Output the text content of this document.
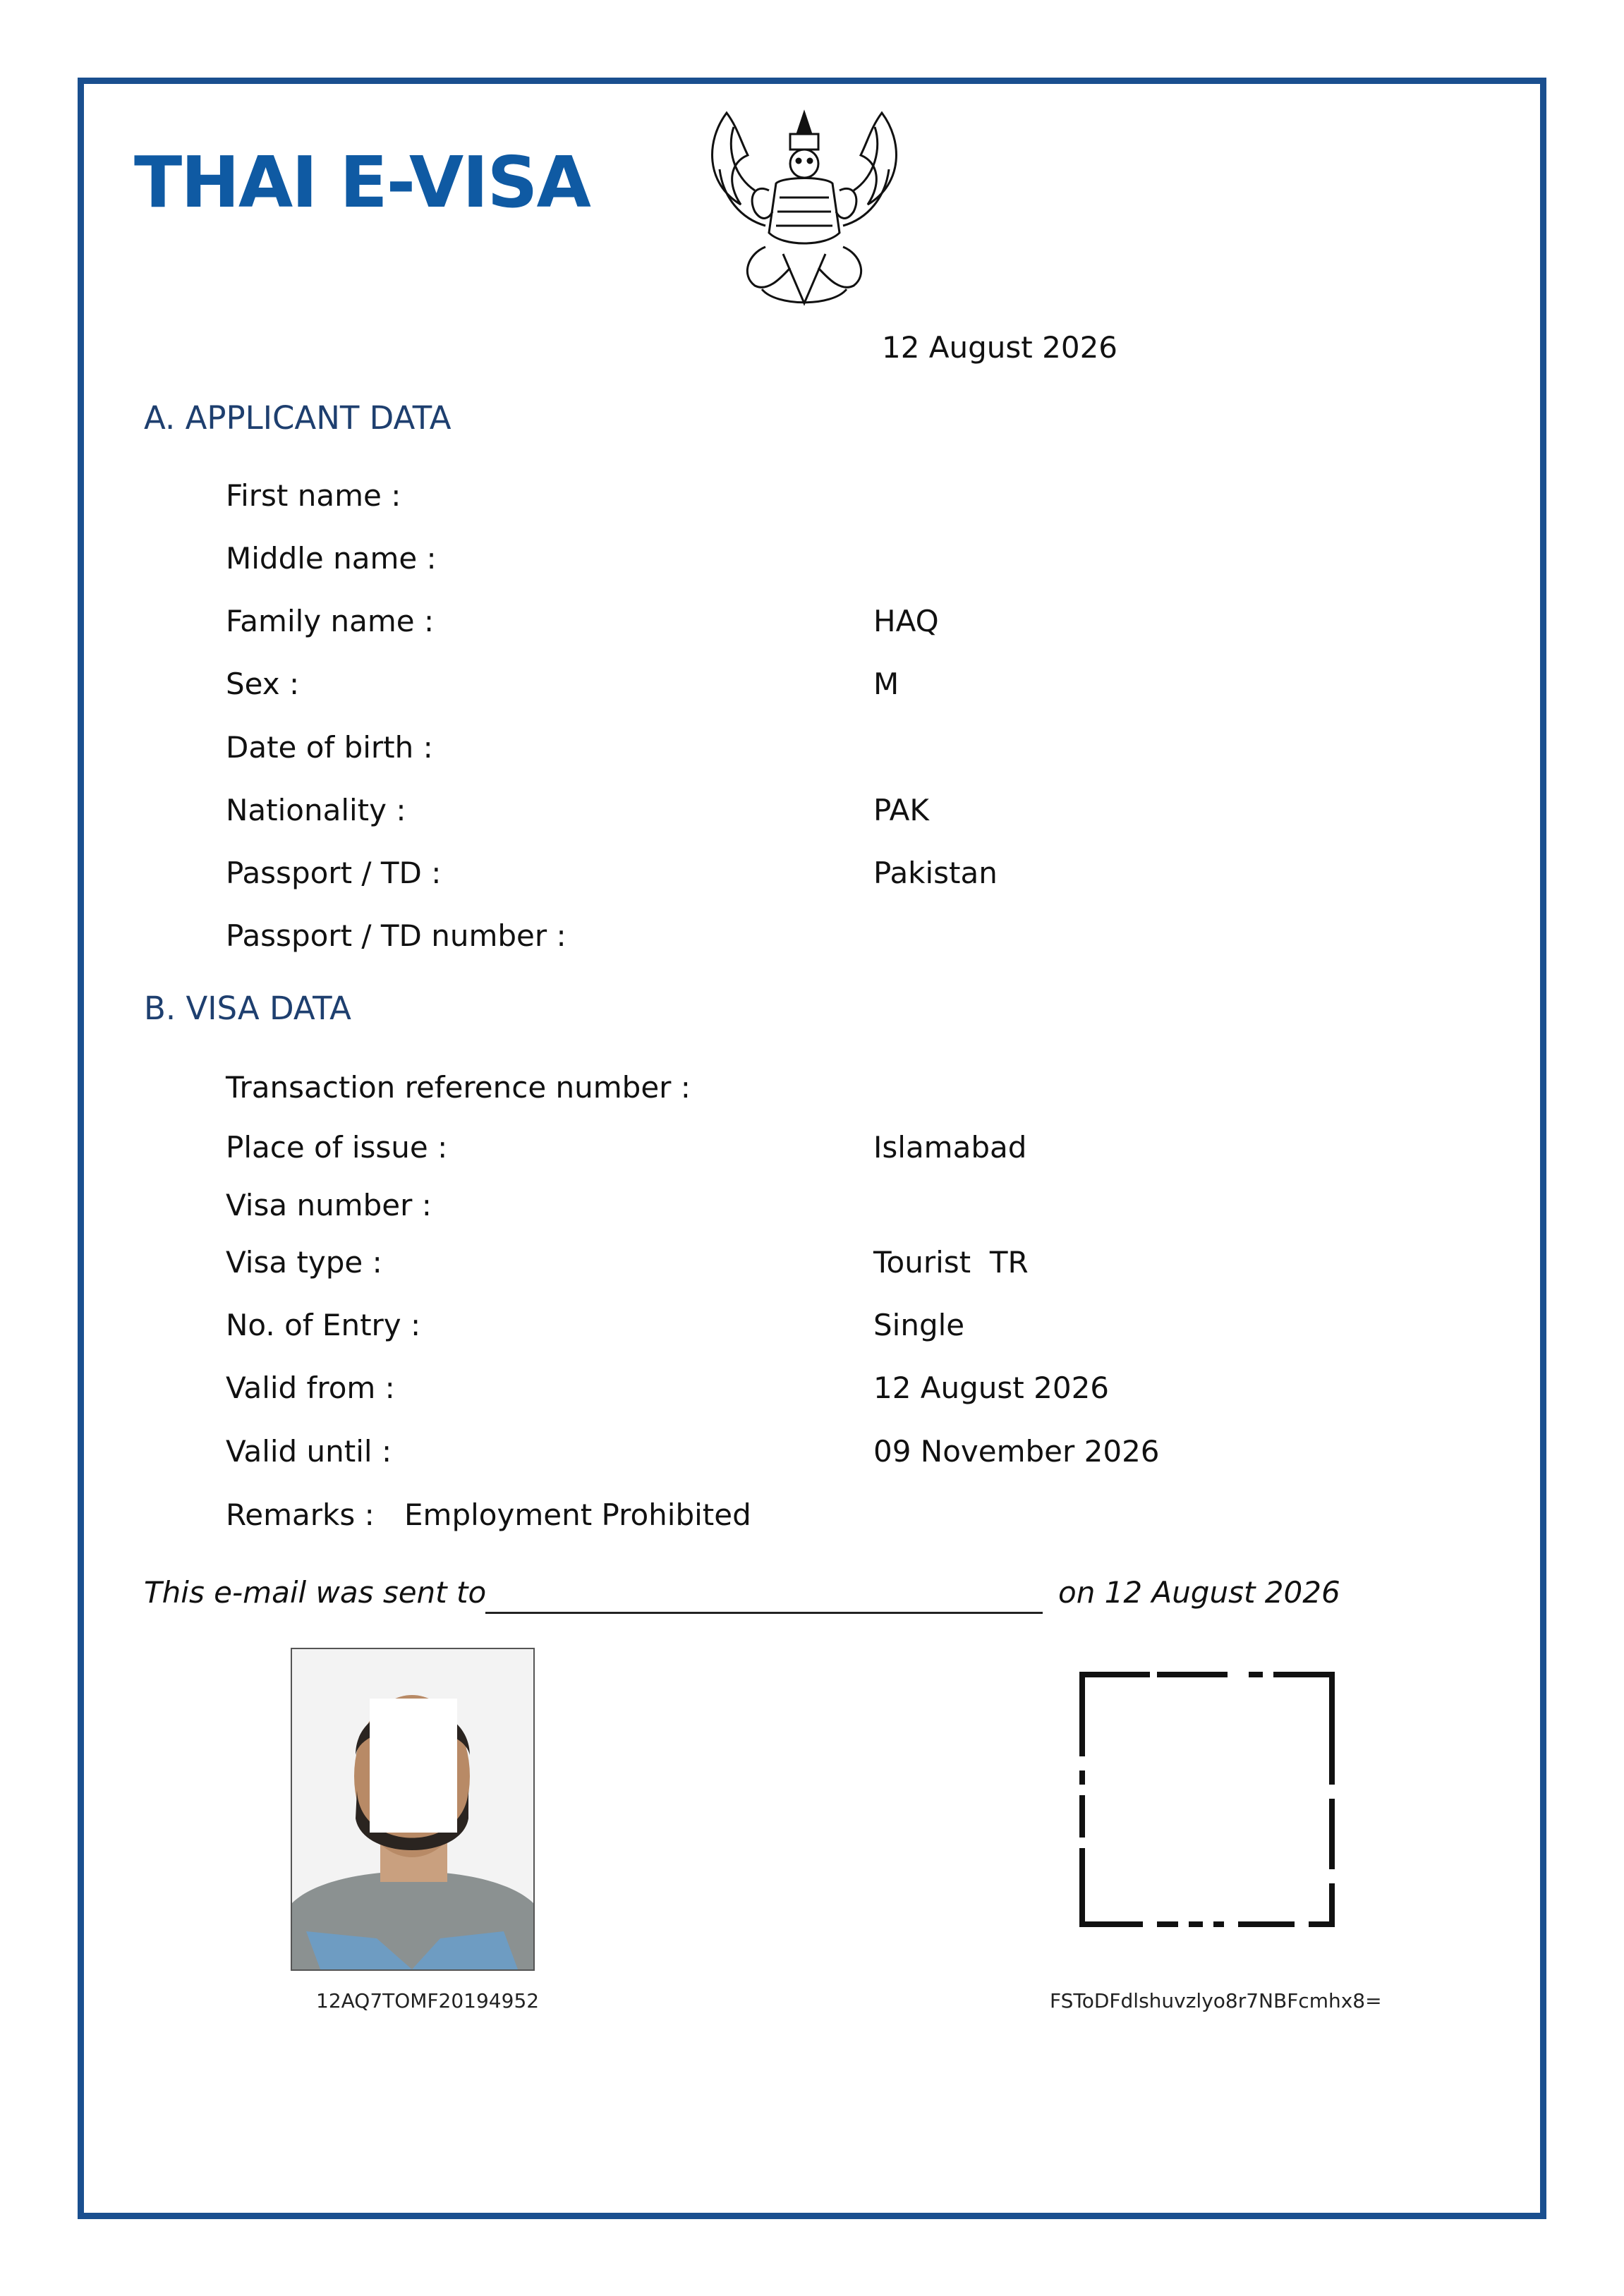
THAI E-VISA
12 August 2026
A. APPLICANT DATA
First name :
Middle name :
Family name :	HAQ
Sex :	M
Date of birth :
Nationality :	PAK
Passport / TD :	Pakistan
Passport / TD number :
B. VISA DATA
Transaction reference number :
Place of issue :	Islamabad
Visa number :
Visa type :	Tourist  TR
No. of Entry :	Single
Valid from :	12 August 2026
Valid until :	09 November 2026
Remarks : Employment Prohibited
This e-mail was sent to	on 12 August 2026
12AQ7TOMF20194952	FSToDFdlshuvzlyo8r7NBFcmhx8=
